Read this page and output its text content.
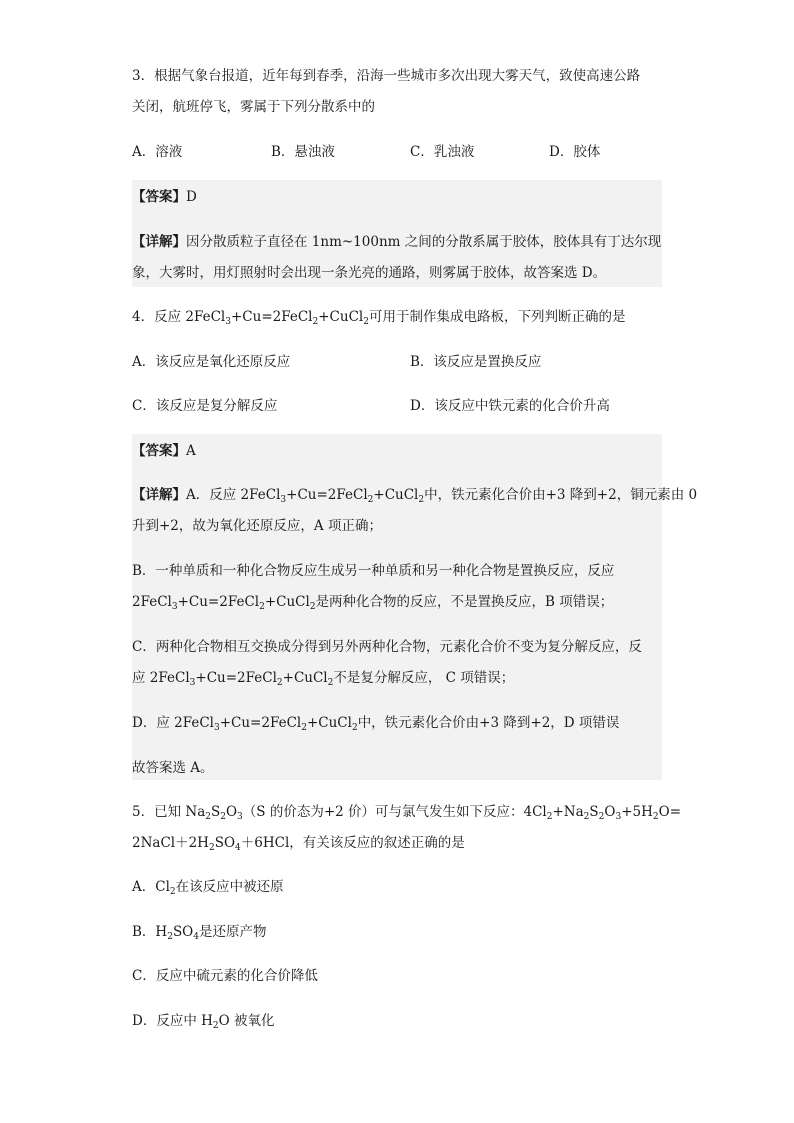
3．根据气象台报道，近年每到春季，沿海一些城市多次出现大雾天气，致使高速公路
关闭，航班停飞，雾属于下列分散系中的
A．溶液	B．悬浊液	C．乳浊液	D．胶体
【答案】D
【详解】因分散质粒子直径在 1nm~100nm 之间的分散系属于胶体，胶体具有丁达尔现
象，大雾时，用灯照射时会出现一条光亮的通路，则雾属于胶体，故答案选 D。
4．反应 2FeCl$_3$+Cu=2FeCl$_2$+CuCl$_2$可用于制作集成电路板，下列判断正确的是
A．该反应是氧化还原反应	B．该反应是置换反应
C．该反应是复分解反应	D．该反应中铁元素的化合价升高
【答案】A
【详解】A．反应 2FeCl$_3$+Cu=2FeCl$_2$+CuCl$_2$中，铁元素化合价由+3 降到+2，铜元素由 0
升到+2，故为氧化还原反应，A 项正确；
B．一种单质和一种化合物反应生成另一种单质和另一种化合物是置换反应，反应
2FeCl$_3$+Cu=2FeCl$_2$+CuCl$_2$是两种化合物的反应，不是置换反应，B 项错误；
C．两种化合物相互交换成分得到另外两种化合物，元素化合价不变为复分解反应，反
应 2FeCl$_3$+Cu=2FeCl$_2$+CuCl$_2$不是复分解反应， C 项错误；
D．应 2FeCl$_3$+Cu=2FeCl$_2$+CuCl$_2$中，铁元素化合价由+3 降到+2，D 项错误
故答案选 A。
5．已知 $Na_2S_2O_3(S$ 的价态为+2 价）可与氯气发生如下反应：$4Cl_2+Na_2S_2O_3+5H_2O=$
$2NaCl+2H_2SO_4+6HCl$，有关该反应的叙述正确的是
A．$Cl_2$在该反应中被还原
B．$H_2SO_4$是还原产物
C．反应中硫元素的化合价降低
D．反应中 $H_2O$ 被氧化
